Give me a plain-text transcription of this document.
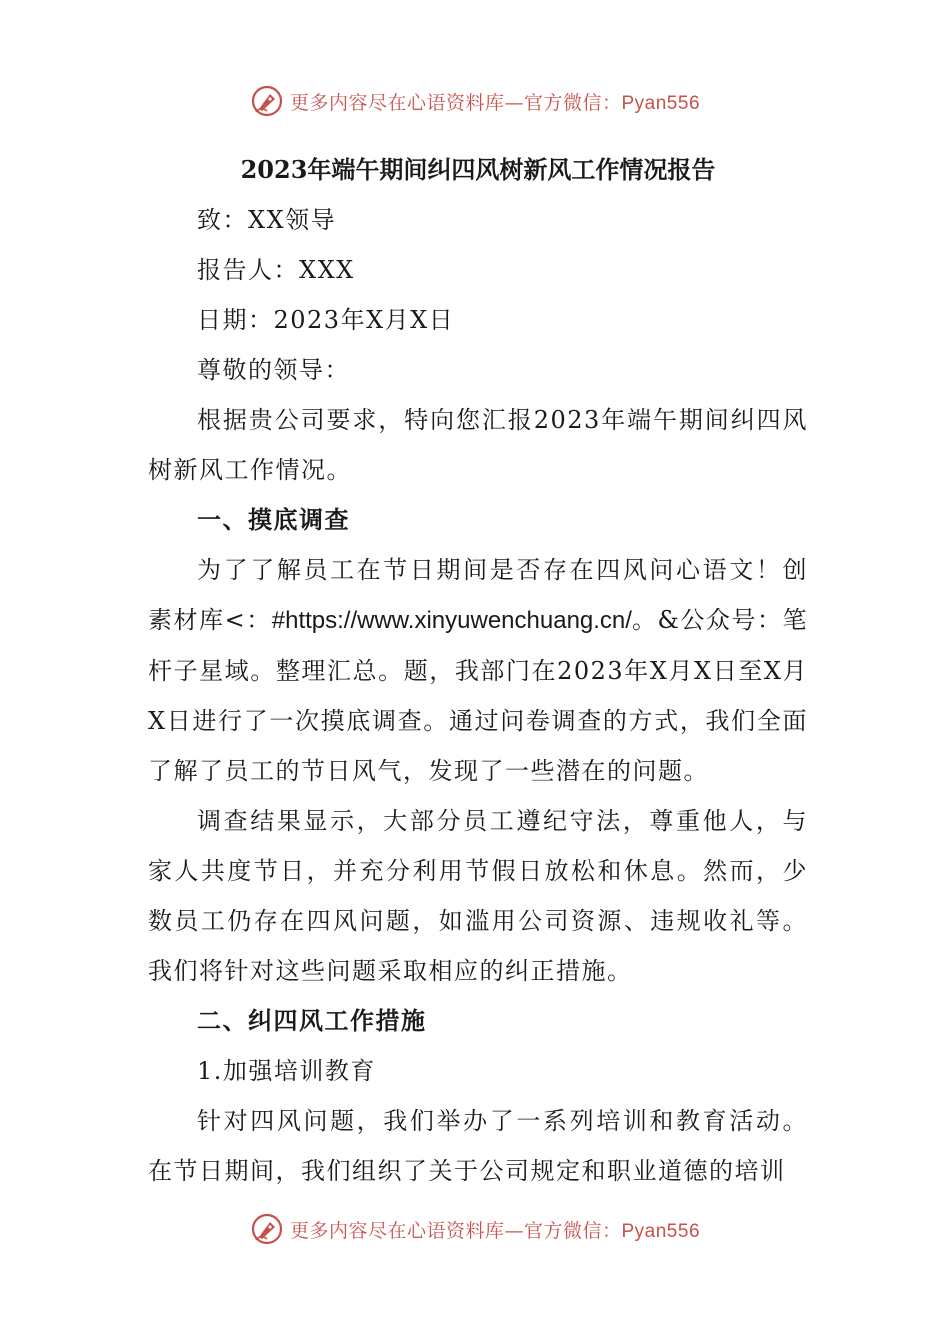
更多内容尽在心语资料库—官方微信：Pyan556

2023年端午期间纠四风树新风工作情况报告

致：XX领导

报告人：XXX

日期：2023年X月X日

尊敬的领导：

根据贵公司要求，特向您汇报2023年端午期间纠四风树新风工作情况。

一、摸底调查

为了了解员工在节日期间是否存在四风问心语文！创素材库<：#https://www.xinyuwenchuang.cn/。&公众号：笔杆子星域。整理汇总。题，我部门在2023年X月X日至X月X日进行了一次摸底调查。通过问卷调查的方式，我们全面了解了员工的节日风气，发现了一些潜在的问题。

调查结果显示，大部分员工遵纪守法，尊重他人，与家人共度节日，并充分利用节假日放松和休息。然而，少数员工仍存在四风问题，如滥用公司资源、违规收礼等。我们将针对这些问题采取相应的纠正措施。

二、纠四风工作措施

1.加强培训教育

针对四风问题，我们举办了一系列培训和教育活动。在节日期间，我们组织了关于公司规定和职业道德的培训

更多内容尽在心语资料库—官方微信：Pyan556
